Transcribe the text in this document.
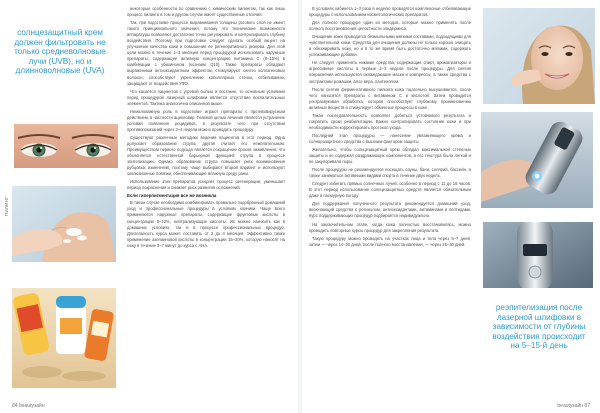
солнцезащитный крем должен фильтровать не только средневолновые лучи (UVB), но и длинноволновые (UVA)
ПИЛИНГ

некоторые особенности по сравнению с химическим пилингом, так как лишь процесс пилинга в том и другом случае имеет существенные отличия.

Так, при подготовке процессе выравнивания толщины рогового слоя не имеет такого принципиального значения, потому что технические возможности аппаратуры позволяют достаточно точно регулировать и контролировать глубину воздействия. Поэтому при подготовке следует сделать особый акцент на улучшение качества кожи и повышение ее регенеративного резерва. Для этой цели можно в течение 1–3 месяцев перед процедурой использовать наружные препараты, содержащие активную концентрацию витамина С (8–15%) в комбинации с убихиноном (коэнзим Q10). Также препараты обладают выраженным антиоксидантным эффектом, стимулируют синтез коллагеновых волокон, способствуют укреплению капиллярных стенок, отбеливанию, защищают от воздействия УФО.

Что касается пациентов с угревой сыпью и постакне, то основным условием перед процедурой лазерной шлифовки является отсутствие воспалительных элементов. Тактика аналогична описанной выше.

Немаловажную роль в подготовке играют препараты с противовирусным действием, в частности ацикловир. Главной целью лечения является устранение условий появления рецидивов, в результате чего при отсутствии противопоказаний через 3–4 недели можно проводить процедуру.

Существуют различные методики ведения пациентов в этот период. Одна допускает образование струпа, другая считает его нежелательным. Преимуществом первого подхода является сокращение сроков заживления, что объясняется естественной барьерной функцией струпа в процессе эпителизации. Однако образование струпа повышает риск возникновения рубцовых изменений, поэтому чаще выбирают второй вариант и используют окклюзионные повязки, обеспечивающие влажную среду раны.

Использование этих препаратов ускоряет процесс регенерации, уменьшает период покраснения и снижает риск развития осложнений.

Если гиперпигментация все же возникла

В таком случае необходимо комбинировать правильно подобранный домашний уход и профессиональные процедуры в условиях клиники. Чаще всего применяются наружные препараты, содержащие фруктовые кислоты в концентрации 5–12%, нейтрализующие кислоты. Их можно наносить как в домашних условиях, так и в процессе профессиональных процедур. Длительность курса может составить от 2 до 4 месяцев. Эффективно также применение азелаиновой кислоты в концентрации 15–20%, которую наносят на кожу в течение 3–7 минут до курса с АНА.

84 beautyзайн

В условиях кабинета 1–3 раза в неделю проводятся комплексные отбеливающие процедуры с использованием косметологических препаратов.

Для полного процедуре один из методов, которые можно применять после полного восстановления целостности эпидермиса.

Очищение кожи проводится безмыльными мягкими составами, подходящими для чувствительной кожи. Средства для очищения должны не только хорошо очищать и обезжиривать кожу, но и в то же время быть достаточно мягкими, содержать успокаивающие добавки.

Не следует применять никакие средства, содержащие спирт, ароматизаторы и агрессивные кислоты в первые 2–3 недели после процедуры. Для снятия покраснения используются охлаждающие маски и компрессы, а также средства с экстрактами ромашки, алоэ вера, пантенолом.

После снятия ферментативного пилинга кожа тщательно высушивается, после чего наносятся препараты с витамином С и кислотой. Затем проводится ультразвуковая обработка, которая способствует глубокому проникновению активных веществ и стимулирует обменные процессы в коже.

Такая последовательность позволяет добиться устойчивого результата и сократить сроки реабилитации. Важно контролировать состояние кожи и при необходимости корректировать протокол ухода.

Последний этап процедуры — нанесение увлажняющего крема и солнцезащитного средства с высоким фактором защиты.

Желательно, чтобы солнцезащитный крем обладал максимальной степенью защиты и не содержал раздражающих компонентов, а его текстура была легкой и не закупоривала поры.

После процедуры не рекомендуется посещать сауны, бани, солярий, бассейн, а также заниматься активными видами спорта в течение двух недель.

Следует избегать прямых солнечных лучей, особенно в период с 11 до 16 часов. В этот период использование солнцезащитных средств является обязательным даже в пасмурную погоду.

Для поддержания полученного результата рекомендуется домашний уход, включающий средства с ретинолом, антиоксидантами, витаминами и пептидами. Курс поддерживающих процедур подбирается индивидуально.

На заключительном этапе, когда кожа полностью восстановилась, можно проводить повторные курсы процедур для закрепления результата.

Такую процедуру можно проводить на участках лица и тела через 5–7 дней, затем — через 14–20 дней, после полного восстановления, — через 25–30 дней.

реэпителизация после лазерной шлифовки в зависимости от глубины воздействия происходит на 5–15-й день
beautyзайн 87
